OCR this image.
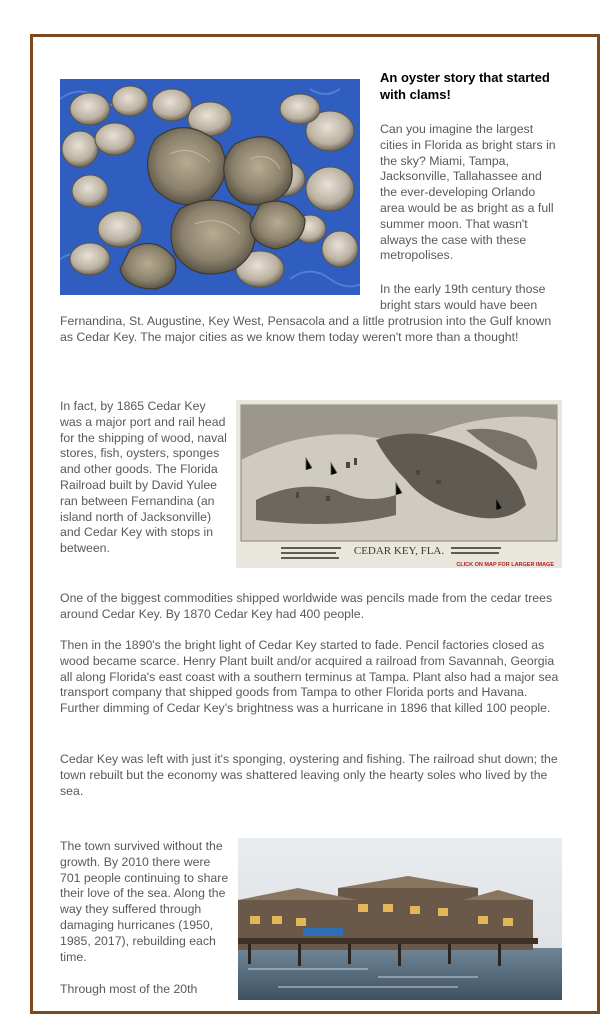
An oyster story that started with clams!

Can you imagine the largest cities in Florida as bright stars in the sky? Miami, Tampa, Jacksonville, Tallahassee and the ever-developing Orlando area would be as bright as a full summer moon. That wasn't always the case with these metropolises.

In the early 19th century those bright stars would have been

Fernandina, St. Augustine, Key West, Pensacola and a little protrusion into the Gulf known as Cedar Key. The major cities as we know them today weren't more than a thought!

CEDAR KEY, FLA.
CLICK ON MAP FOR LARGER IMAGE

In fact, by 1865 Cedar Key was a major port and rail head for the shipping of wood, naval stores, fish, oysters, sponges and other goods. The Florida Railroad built by David Yulee ran between Fernandina (an island north of Jacksonville) and Cedar Key with stops in between.

One of the biggest commodities shipped worldwide was pencils made from the cedar trees around Cedar Key. By 1870 Cedar Key had 400 people.

Then in the 1890's the bright light of Cedar Key started to fade. Pencil factories closed as wood became scarce. Henry Plant built and/or acquired a railroad from Savannah, Georgia all along Florida's east coast with a southern terminus at Tampa. Plant also had a major sea transport company that shipped goods from Tampa to other Florida ports and Havana. Further dimming of Cedar Key's brightness was a hurricane in 1896 that killed 100 people.

Cedar Key was left with just it's sponging, oystering and fishing. The railroad shut down; the town rebuilt but the economy was shattered leaving only the hearty soles who lived by the sea.

The town survived without the growth. By 2010 there were 701 people continuing to share their love of the sea. Along the way they suffered through damaging hurricanes (1950, 1985, 2017), rebuilding each time.

Through most of the 20th
